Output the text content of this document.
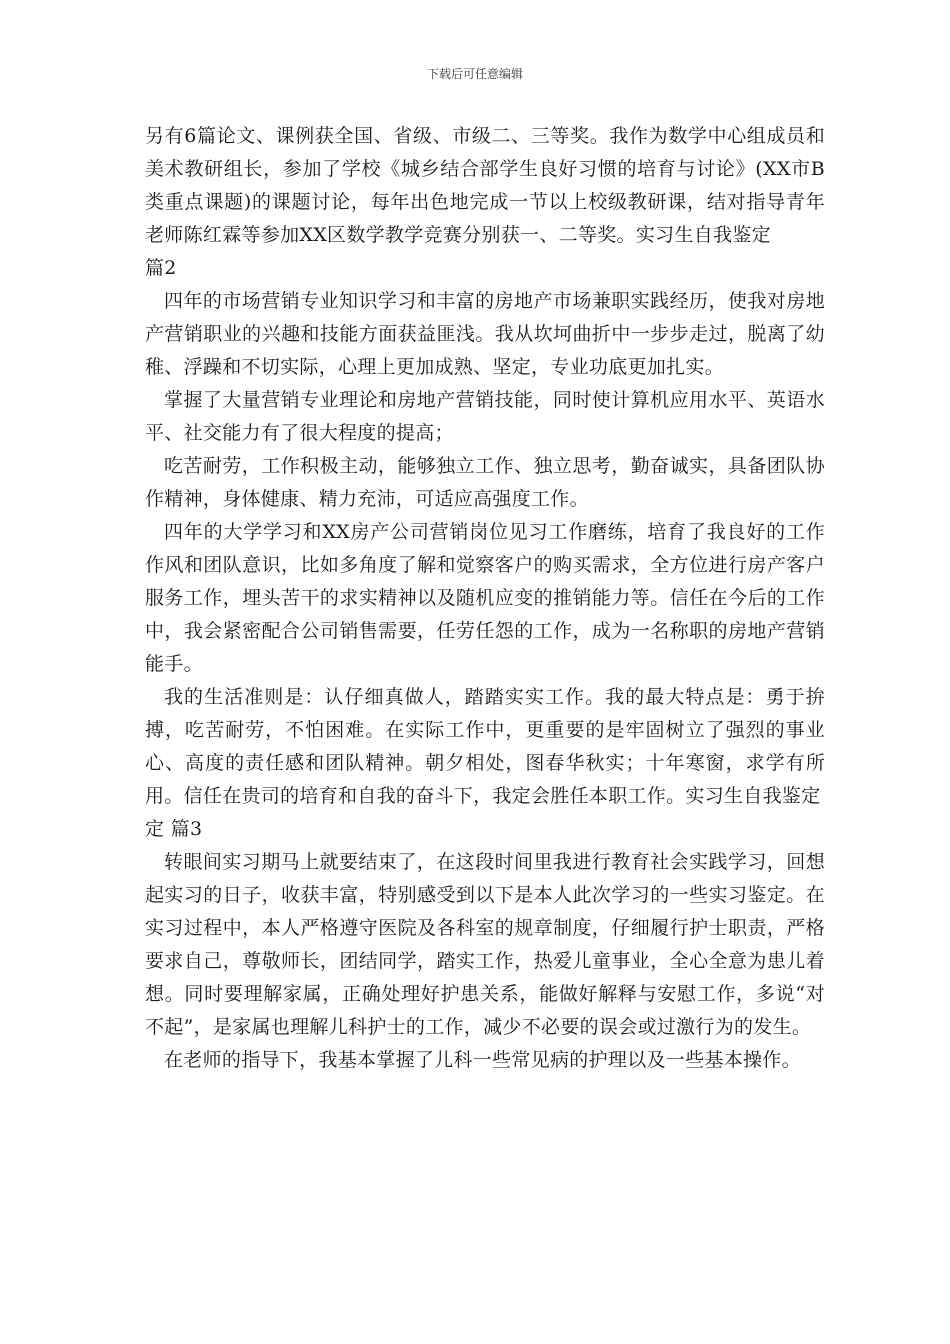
下载后可任意编辑

另有6篇论文、课例获全国、省级、市级二、三等奖。我作为数学中心组成员和美术教研组长，参加了学校《城乡结合部学生良好习惯的培育与讨论》(XX市B类重点课题)的课题讨论，每年出色地完成一节以上校级教研课，结对指导青年老师陈红霖等参加XX区数学教学竞赛分别获一、二等奖。实习生自我鉴定

篇2

四年的市场营销专业知识学习和丰富的房地产市场兼职实践经历，使我对房地产营销职业的兴趣和技能方面获益匪浅。我从坎坷曲折中一步步走过，脱离了幼稚、浮躁和不切实际，心理上更加成熟、坚定，专业功底更加扎实。

掌握了大量营销专业理论和房地产营销技能，同时使计算机应用水平、英语水平、社交能力有了很大程度的提高；

吃苦耐劳，工作积极主动，能够独立工作、独立思考，勤奋诚实，具备团队协作精神，身体健康、精力充沛，可适应高强度工作。

四年的大学学习和XX房产公司营销岗位见习工作磨练，培育了我良好的工作作风和团队意识，比如多角度了解和觉察客户的购买需求，全方位进行房产客户服务工作，埋头苦干的求实精神以及随机应变的推销能力等。信任在今后的工作中，我会紧密配合公司销售需要，任劳任怨的工作，成为一名称职的房地产营销能手。

我的生活准则是：认仔细真做人，踏踏实实工作。我的最大特点是：勇于拚搏，吃苦耐劳，不怕困难。在实际工作中，更重要的是牢固树立了强烈的事业心、高度的责任感和团队精神。朝夕相处，图春华秋实；十年寒窗，求学有所用。信任在贵司的培育和自我的奋斗下，我定会胜任本职工作。实习生自我鉴定

定 篇3

转眼间实习期马上就要结束了，在这段时间里我进行教育社会实践学习，回想起实习的日子，收获丰富，特别感受到以下是本人此次学习的一些实习鉴定。在实习过程中，本人严格遵守医院及各科室的规章制度，仔细履行护士职责，严格要求自己，尊敬师长，团结同学，踏实工作，热爱儿童事业，全心全意为患儿着想。同时要理解家属，正确处理好护患关系，能做好解释与安慰工作，多说“对不起”，是家属也理解儿科护士的工作，减少不必要的误会或过激行为的发生。

在老师的指导下，我基本掌握了儿科一些常见病的护理以及一些基本操作。
